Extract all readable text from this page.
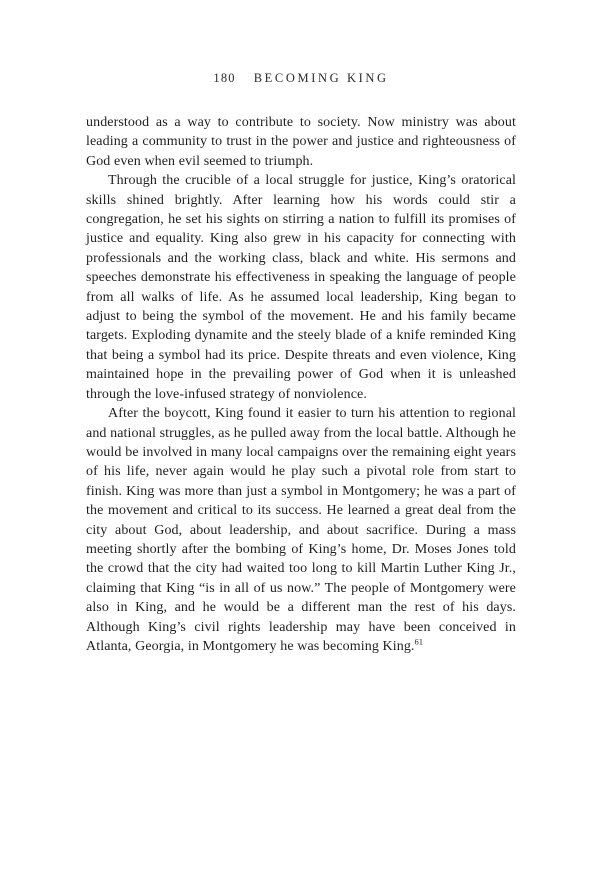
180 BECOMING KING

understood as a way to contribute to society. Now ministry was about leading a community to trust in the power and justice and righteousness of God even when evil seemed to triumph.

Through the crucible of a local struggle for justice, King’s oratorical skills shined brightly. After learning how his words could stir a congregation, he set his sights on stirring a nation to fulfill its promises of justice and equality. King also grew in his capacity for connecting with professionals and the working class, black and white. His sermons and speeches demonstrate his effectiveness in speaking the language of people from all walks of life. As he assumed local leadership, King began to adjust to being the symbol of the movement. He and his family became targets. Exploding dynamite and the steely blade of a knife reminded King that being a symbol had its price. Despite threats and even violence, King maintained hope in the prevailing power of God when it is unleashed through the love-infused strategy of nonviolence.

After the boycott, King found it easier to turn his attention to regional and national struggles, as he pulled away from the local battle. Although he would be involved in many local campaigns over the remaining eight years of his life, never again would he play such a pivotal role from start to finish. King was more than just a symbol in Montgomery; he was a part of the movement and critical to its success. He learned a great deal from the city about God, about leadership, and about sacrifice. During a mass meeting shortly after the bombing of King’s home, Dr. Moses Jones told the crowd that the city had waited too long to kill Martin Luther King Jr., claiming that King “is in all of us now.” The people of Montgomery were also in King, and he would be a different man the rest of his days. Although King’s civil rights leadership may have been conceived in Atlanta, Georgia, in Montgomery he was becoming King.$^{61}$
